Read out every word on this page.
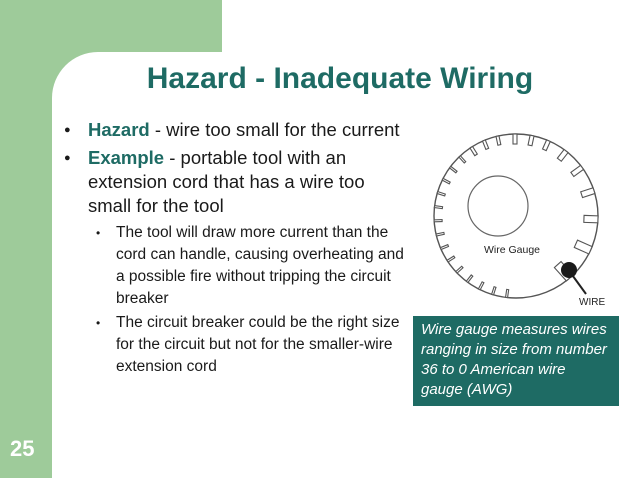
Hazard - Inadequate Wiring
● Hazard - wire too small for the current
● Example - portable tool with an extension cord that has a wire too small for the tool
• The tool will draw more current than the cord can handle, causing overheating and a possible fire without tripping the circuit breaker
• The circuit breaker could be the right size for the circuit but not for the smaller-wire extension cord
Wire Gauge
WIRE
Wire gauge measures wires ranging in size from number 36 to 0 American wire gauge (AWG)
25
